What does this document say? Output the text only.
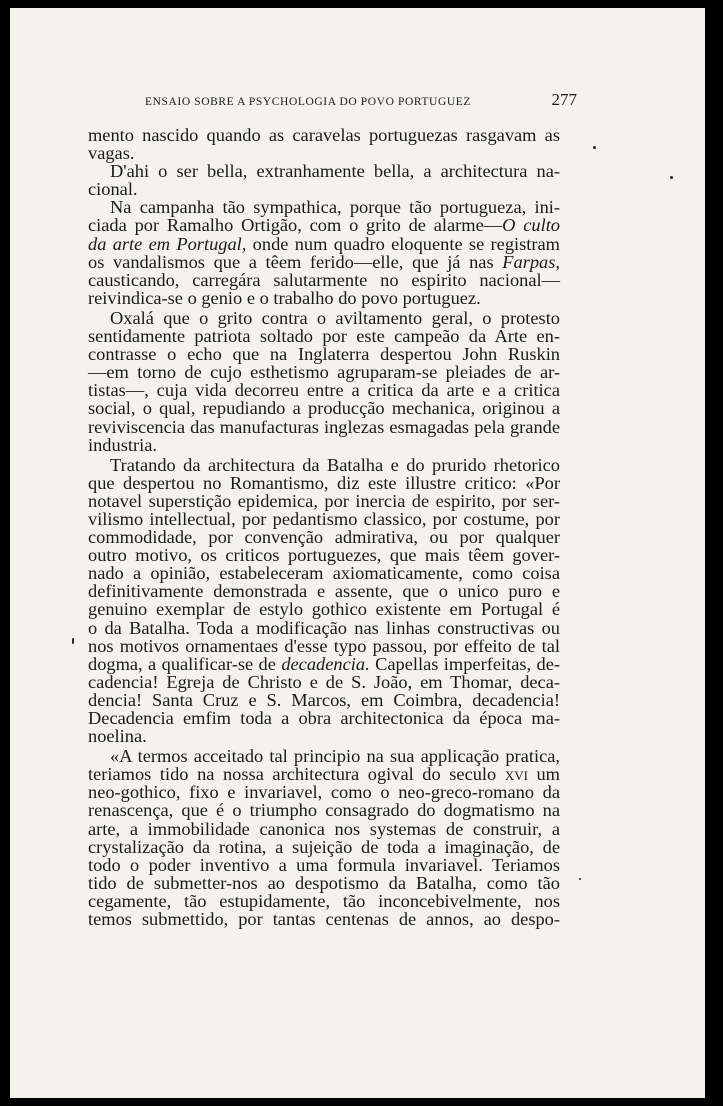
ENSAIO SOBRE A PSYCHOLOGIA DO POVO PORTUGUEZ	277
mento nascido quando as caravelas portuguezas rasgavam as
vagas.
D'ahi o ser bella, extranhamente bella, a architectura na-
cional.
Na campanha tão sympathica, porque tão portugueza, ini-
ciada por Ramalho Ortigão, com o grito de alarme—O culto
da arte em Portugal, onde num quadro eloquente se registram
os vandalismos que a têem ferido—elle, que já nas Farpas,
causticando, carregára salutarmente no espirito nacional—
reivindica-se o genio e o trabalho do povo portuguez.
Oxalá que o grito contra o aviltamento geral, o protesto
sentidamente patriota soltado por este campeão da Arte en-
contrasse o echo que na Inglaterra despertou John Ruskin
—em torno de cujo esthetismo agruparam-se pleiades de ar-
tistas—, cuja vida decorreu entre a critica da arte e a critica
social, o qual, repudiando a producção mechanica, originou a
reviviscencia das manufacturas inglezas esmagadas pela grande
industria.
Tratando da architectura da Batalha e do prurido rhetorico
que despertou no Romantismo, diz este illustre critico: «Por
notavel superstição epidemica, por inercia de espirito, por ser-
vilismo intellectual, por pedantismo classico, por costume, por
commodidade, por convenção admirativa, ou por qualquer
outro motivo, os criticos portuguezes, que mais têem gover-
nado a opinião, estabeleceram axiomaticamente, como coisa
definitivamente demonstrada e assente, que o unico puro e
genuino exemplar de estylo gothico existente em Portugal é
o da Batalha. Toda a modificação nas linhas constructivas ou
nos motivos ornamentaes d'esse typo passou, por effeito de tal
dogma, a qualificar-se de decadencia. Capellas imperfeitas, de-
cadencia! Egreja de Christo e de S. João, em Thomar, deca-
dencia! Santa Cruz e S. Marcos, em Coimbra, decadencia!
Decadencia emfim toda a obra architectonica da época ma-
noelina.
«A termos acceitado tal principio na sua applicação pratica,
teriamos tido na nossa architectura ogival do seculo xvi um
neo-gothico, fixo e invariavel, como o neo-greco-romano da
renascença, que é o triumpho consagrado do dogmatismo na
arte, a immobilidade canonica nos systemas de construir, a
crystalização da rotina, a sujeição de toda a imaginação, de
todo o poder inventivo a uma formula invariavel. Teriamos
tido de submetter-nos ao despotismo da Batalha, como tão
cegamente, tão estupidamente, tão inconcebivelmente, nos
temos submettido, por tantas centenas de annos, ao despo-
